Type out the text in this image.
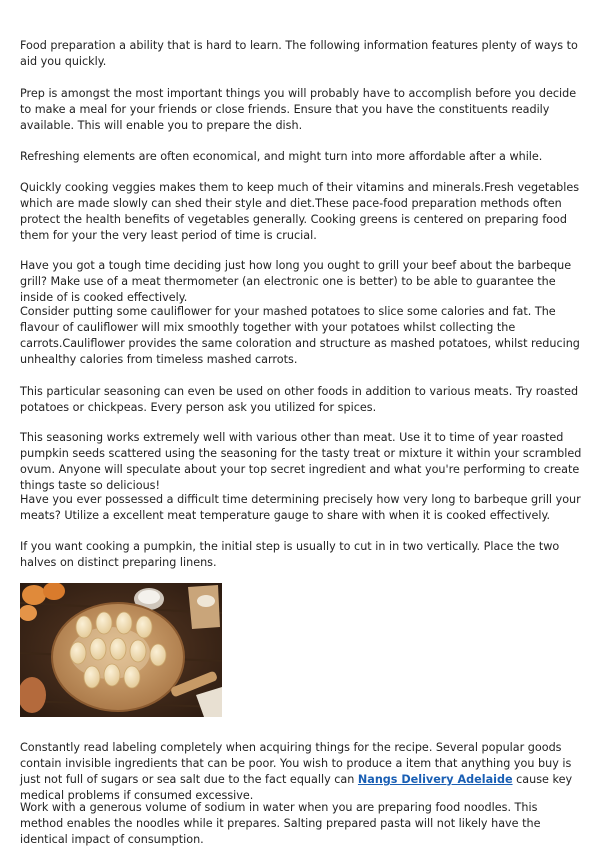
Food preparation a ability that is hard to learn. The following information features plenty of ways to aid you quickly.

Prep is amongst the most important things you will probably have to accomplish before you decide to make a meal for your friends or close friends. Ensure that you have the constituents readily available. This will enable you to prepare the dish.

Refreshing elements are often economical, and might turn into more affordable after a while.

Quickly cooking veggies makes them to keep much of their vitamins and minerals.Fresh vegetables which are made slowly can shed their style and diet.These pace-food preparation methods often protect the health benefits of vegetables generally. Cooking greens is centered on preparing food them for your the very least period of time is crucial.

Have you got a tough time deciding just how long you ought to grill your beef about the barbeque grill? Make use of a meat thermometer (an electronic one is better) to be able to guarantee the inside of is cooked effectively.

Consider putting some cauliflower for your mashed potatoes to slice some calories and fat. The flavour of cauliflower will mix smoothly together with your potatoes whilst collecting the carrots.Cauliflower provides the same coloration and structure as mashed potatoes, whilst reducing unhealthy calories from timeless mashed carrots.

This particular seasoning can even be used on other foods in addition to various meats. Try roasted potatoes or chickpeas. Every person ask you utilized for spices.

This seasoning works extremely well with various other than meat. Use it to time of year roasted pumpkin seeds scattered using the seasoning for the tasty treat or mixture it within your scrambled ovum. Anyone will speculate about your top secret ingredient and what you're performing to create things taste so delicious!

Have you ever possessed a difficult time determining precisely how very long to barbeque grill your meats? Utilize a excellent meat temperature gauge to share with when it is cooked effectively.

If you want cooking a pumpkin, the initial step is usually to cut in in two vertically. Place the two halves on distinct preparing linens.

Constantly read labeling completely when acquiring things for the recipe. Several popular goods contain invisible ingredients that can be poor. You wish to produce a item that anything you buy is just not full of sugars or sea salt due to the fact equally can Nangs Delivery Adelaide cause key medical problems if consumed excessive.

Work with a generous volume of sodium in water when you are preparing food noodles. This method enables the noodles while it prepares. Salting prepared pasta will not likely have the identical impact of consumption.
